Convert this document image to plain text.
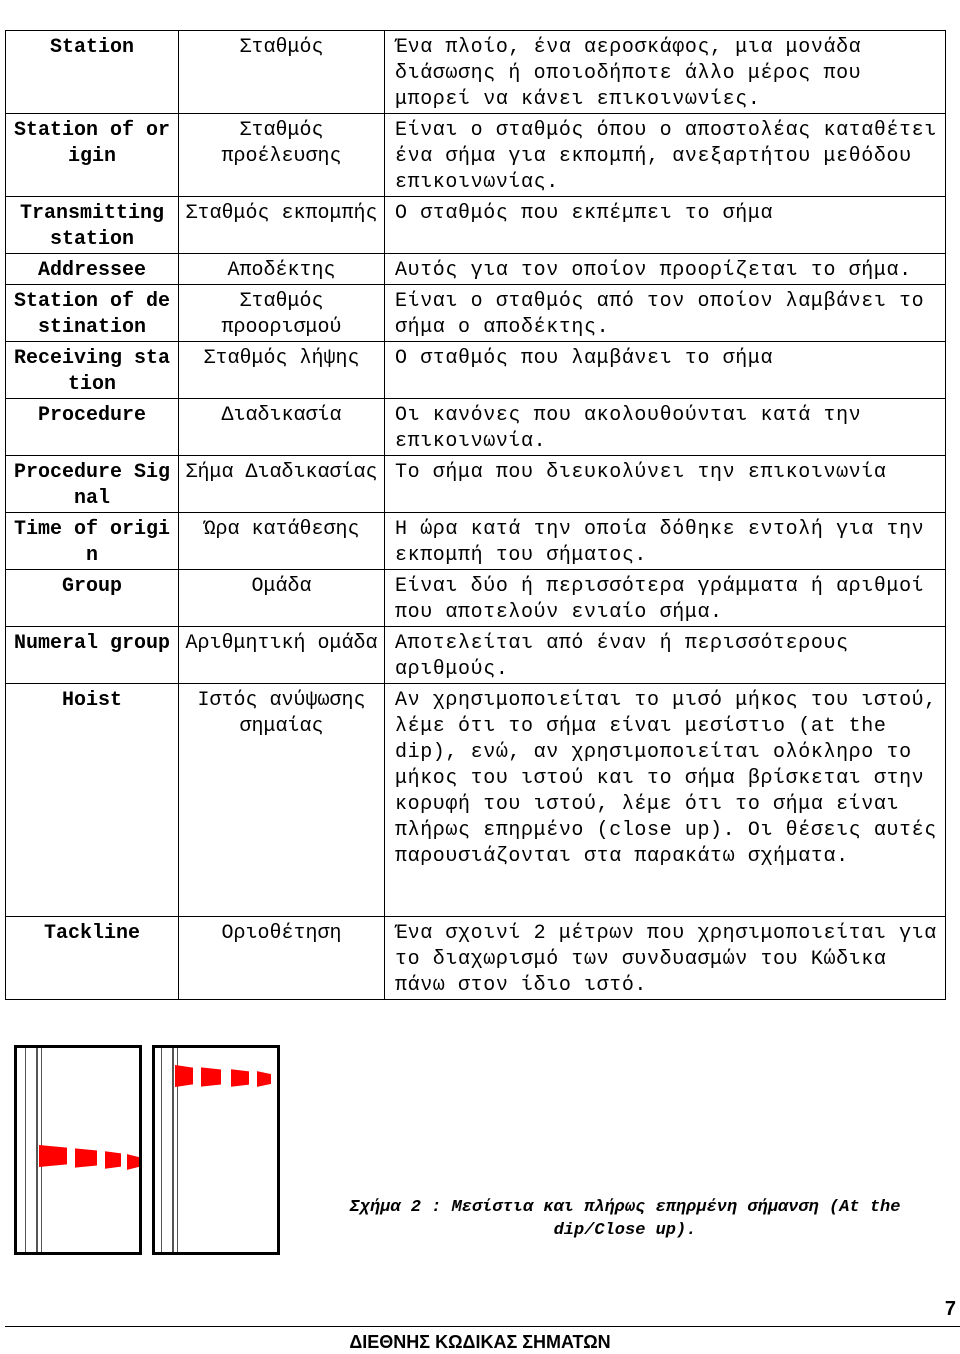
Station	Σταθμός	Ένα πλοίο, ένα αεροσκάφος, μια μονάδα διάσωσης ή οποιοδήποτε άλλο μέρος που μπορεί να κάνει επικοινωνίες.
Station of origin	Σταθμός προέλευσης	Είναι ο σταθμός όπου ο αποστολέας καταθέτει ένα σήμα για εκπομπή, ανεξαρτήτου μεθόδου επικοινωνίας.
Transmitting station	Σταθμός εκπομπής	Ο σταθμός που εκπέμπει το σήμα
Addressee	Αποδέκτης	Αυτός για τον οποίον προορίζεται το σήμα.
Station of destination	Σταθμός προορισμού	Είναι ο σταθμός από τον οποίον λαμβάνει το σήμα ο αποδέκτης.
Receiving station	Σταθμός λήψης	Ο σταθμός που λαμβάνει το σήμα
Procedure	Διαδικασία	Οι κανόνες που ακολουθούνται κατά την επικοινωνία.
Procedure Signal	Σήμα Διαδικασίας	Το σήμα που διευκολύνει την επικοινωνία
Time of origin	Ώρα κατάθεσης	Η ώρα κατά την οποία δόθηκε εντολή για την εκπομπή του σήματος.
Group	Ομάδα	Είναι δύο ή περισσότερα γράμματα ή αριθμοί που αποτελούν ενιαίο σήμα.
Numeral group	Αριθμητική ομάδα	Αποτελείται από έναν ή περισσότερους αριθμούς.
Hoist	Ιστός ανύψωσης σημαίας	Αν χρησιμοποιείται το μισό μήκος του ιστού, λέμε ότι το σήμα είναι μεσίστιο (at the dip), ενώ, αν χρησιμοποιείται ολόκληρο το μήκος του ιστού και το σήμα βρίσκεται στην κορυφή του ιστού, λέμε ότι το σήμα είναι πλήρως επηρμένο (close up). Οι θέσεις αυτές παρουσιάζονται στα παρακάτω σχήματα.
Tackline	Οριοθέτηση	Ένα σχοινί 2 μέτρων που χρησιμοποιείται για το διαχωρισμό των συνδυασμών του Κώδικα πάνω στον ίδιο ιστό.
Σχήμα 2 : Μεσίστια και πλήρως επηρμένη σήμανση (At the dip/Close up).
7
ΔΙΕΘΝΗΣ ΚΩΔΙΚΑΣ ΣΗΜΑΤΩΝ
